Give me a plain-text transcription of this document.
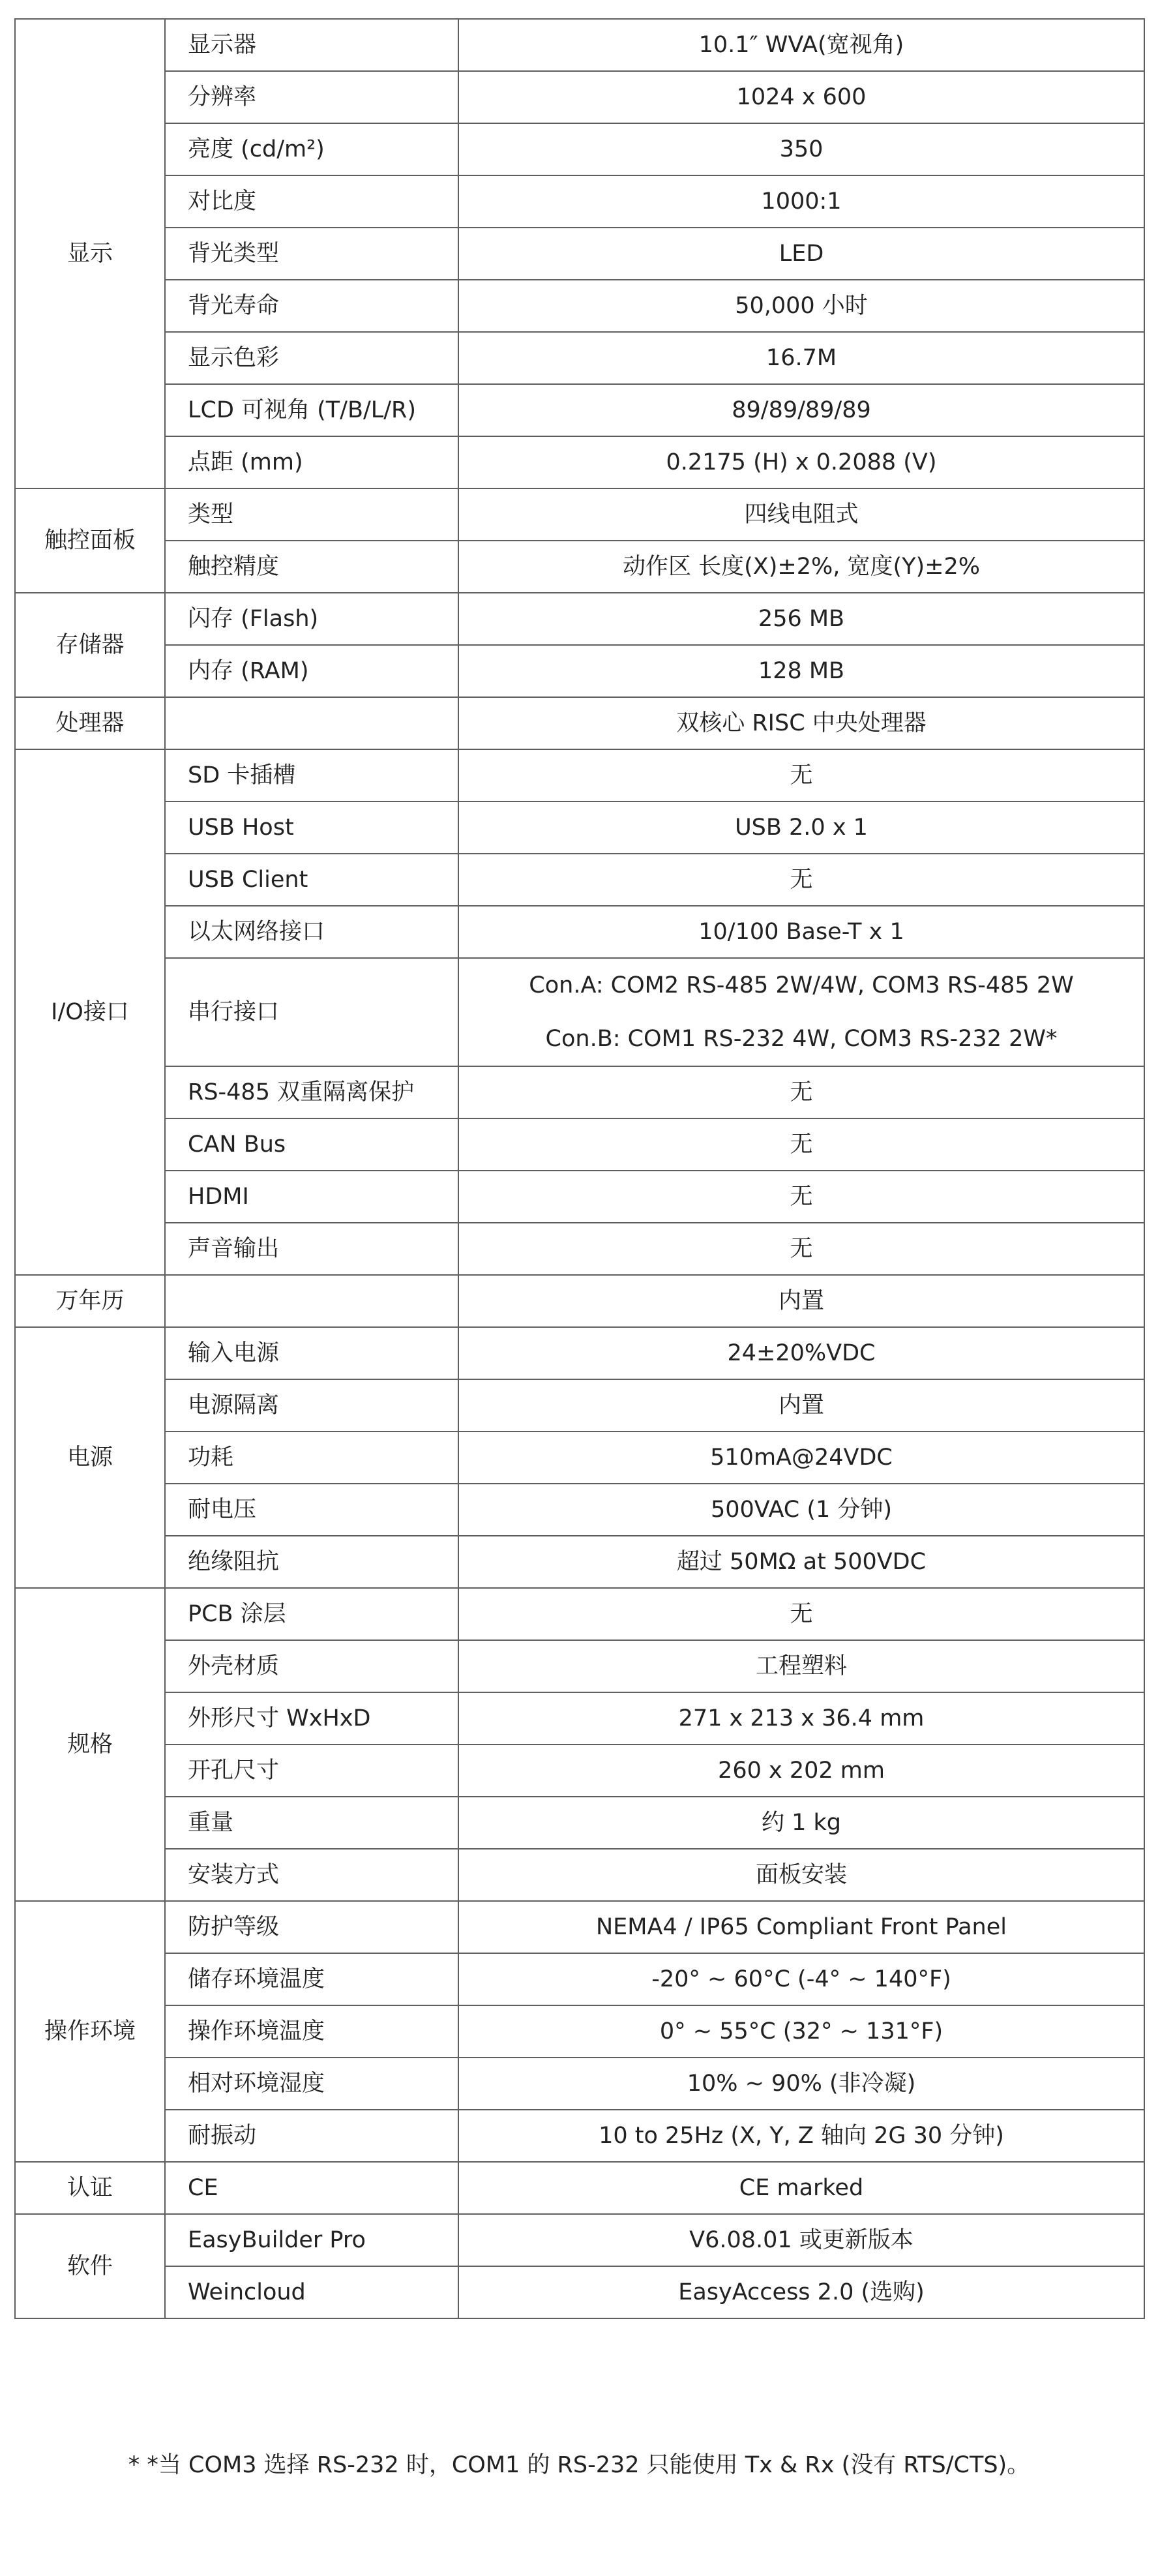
显示	显示器	10.1″ WVA(宽视角)
	分辨率	1024 x 600
	亮度 (cd/m²)	350
	对比度	1000:1
	背光类型	LED
	背光寿命	50,000 小时
	显示色彩	16.7M
	LCD 可视角 (T/B/L/R)	89/89/89/89
	点距 (mm)	0.2175 (H) x 0.2088 (V)
触控面板	类型	四线电阻式
	触控精度	动作区 长度(X)±2%, 宽度(Y)±2%
存储器	闪存 (Flash)	256 MB
	内存 (RAM)	128 MB
处理器		双核心 RISC 中央处理器
I/O接口	SD 卡插槽	无
	USB Host	USB 2.0 x 1
	USB Client	无
	以太网络接口	10/100 Base-T x 1
	串行接口	Con.A: COM2 RS-485 2W/4W, COM3 RS-485 2W
Con.B: COM1 RS-232 4W, COM3 RS-232 2W*

	RS-485 双重隔离保护	无
	CAN Bus	无
	HDMI	无
	声音输出	无
万年历		内置
电源	输入电源	24±20%VDC
	电源隔离	内置
	功耗	510mA@24VDC
	耐电压	500VAC (1 分钟)
	绝缘阻抗	超过 50MΩ at 500VDC
规格	PCB 涂层	无
	外壳材质	工程塑料
	外形尺寸 WxHxD	271 x 213 x 36.4 mm
	开孔尺寸	260 x 202 mm
	重量	约 1 kg
	安装方式	面板安装
操作环境	防护等级	NEMA4 / IP65 Compliant Front Panel
	储存环境温度	-20° ~ 60°C (-4° ~ 140°F)
	操作环境温度	0° ~ 55°C (32° ~ 131°F)
	相对环境湿度	10% ~ 90% (非冷凝)
	耐振动	10 to 25Hz (X, Y, Z 轴向 2G 30 分钟)
认证	CE	CE marked
软件	EasyBuilder Pro	V6.08.01 或更新版本
	Weincloud	EasyAccess 2.0 (选购)
* *当 COM3 选择 RS-232 时，COM1 的 RS-232 只能使用 Tx & Rx (没有 RTS/CTS)。
